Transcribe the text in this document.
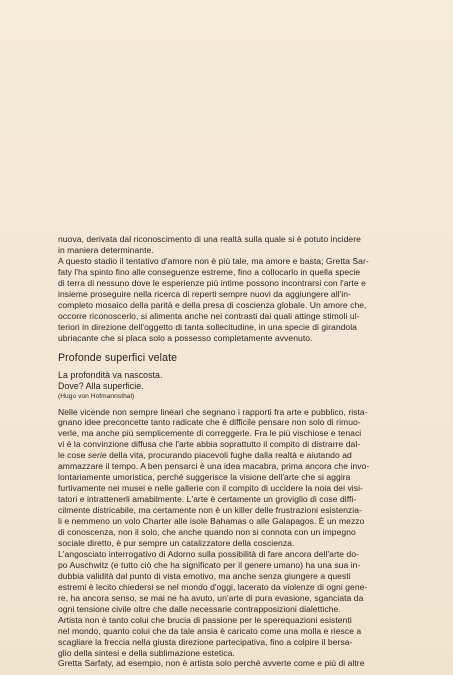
nuova, derivata dal riconoscimento di una realtà sulla quale si è potuto incidere
in maniera determinante.

A questo stadio il tentativo d'amore non è più tale, ma amore e basta; Gretta Sar-
faty l'ha spinto fino alle conseguenze estreme, fino a collocarlo in quella specie
di terra di nessuno dove le esperienze più intime possono incontrarsi con l'arte e
insieme proseguire nella ricerca di reperti sempre nuovi da aggiungere all'in-
completo mosaico della parità e della presa di coscienza globale. Un amore che,
occorre riconoscerlo, si alimenta anche nei contrasti dai quali attinge stimoli ul-
teriori in direzione dell'oggetto di tanta sollecitudine, in una specie di girandola
ubriacante che si placa solo a possesso completamente avvenuto.

Profonde superfici velate

La profondità va nascosta.

Dove? Alla superficie.

(Hugo von Hofmannsthal)

Nelle vicende non sempre lineari che segnano i rapporti fra arte e pubblico, rista-
gnano idee preconcette tanto radicate che è difficile pensare non solo di rimuo-
verle, ma anche più semplicemente di correggerle. Fra le più vischiose e tenaci
vi è la convinzione diffusa che l'arte abbia soprattutto il compito di distrarre dal-
le cose serie della vita, procurando piacevoli fughe dalla realtà e aiutando ad
ammazzare il tempo. A ben pensarci è una idea macabra, prima ancora che invo-
lontariamente umoristica, perché suggerisce la visione dell'arte che si aggira
furtivamente nei musei e nelle gallerie con il compito di uccidere la noia dei visi-
tatori e intrattenerli amabilmente. L'arte è certamente un groviglio di cose diffi-
cilmente districabile, ma certamente non è un killer delle frustrazioni esistenzia-
li e nemmeno un volo Charter alle isole Bahamas o alle Galapagos. È un mezzo
di conoscenza, non il solo, che anche quando non si connota con un impegno
sociale diretto, è pur sempre un catalizzatore della coscienza.

L'angosciato interrogativo di Adorno sulla possibilità di fare ancora dell'arte do-
po Auschwitz (e tutto ciò che ha significato per il genere umano) ha una sua in-
dubbia validità dal punto di vista emotivo, ma anche senza giungere a questi
estremi è lecito chiedersi se nel mondo d'oggi, lacerato da violenze di ogni gene-
re, ha ancora senso, se mai ne ha avuto, un'arte di pura evasione, sganciata da
ogni tensione civile oltre che dalle necessarie contrapposizioni dialettiche.

Artista non è tanto colui che brucia di passione per le sperequazioni esistenti
nel mondo, quanto colui che da tale ansia è caricato come una molla e riesce a
scagliare la freccia nella giusta direzione partecipativa, fino a colpire il bersa-
glio della sintesi e della sublimazione estetica.

Gretta Sarfaty, ad esempio, non è artista solo perché avverte come e più di altre
